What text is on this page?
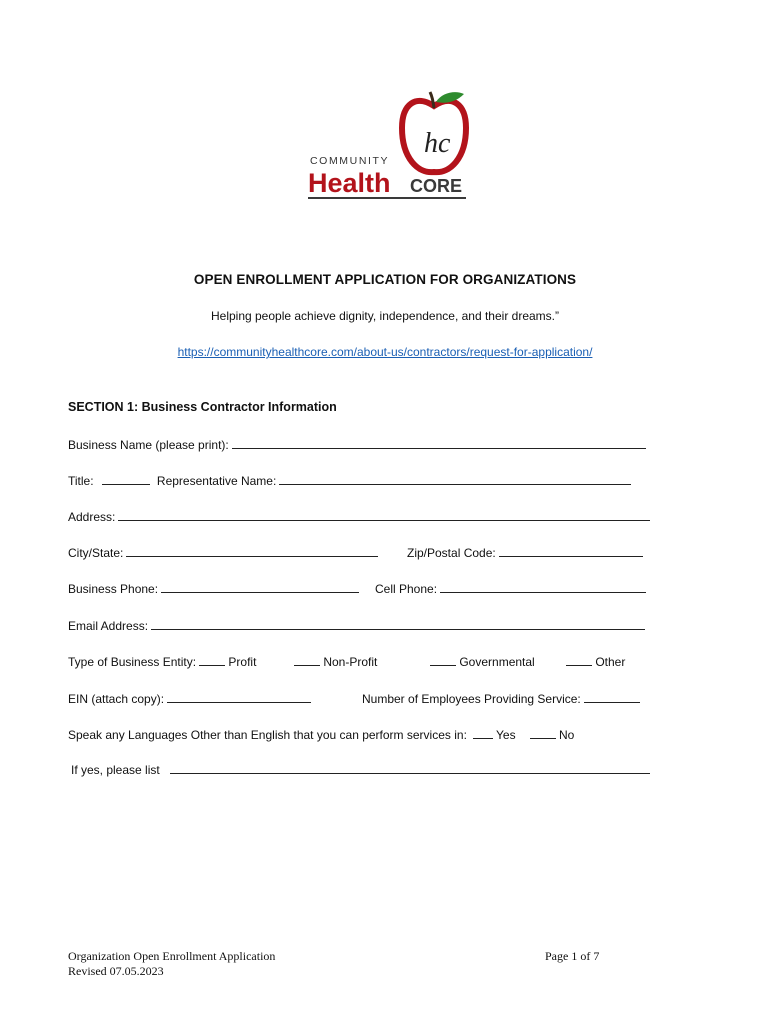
hc
COMMUNITY
Health CORE
OPEN ENROLLMENT APPLICATION FOR ORGANIZATIONS
Helping people achieve dignity, independence, and their dreams.”
https://communityhealthcore.com/about-us/contractors/request-for-application/
SECTION 1: Business Contractor Information
Business Name (please print):
Title:	Representative Name:
Address:
City/State:	Zip/Postal Code:
Business Phone:	Cell Phone:
Email Address:
Type of Business Entity:	Profit	Non-Profit	Governmental	Other
EIN (attach copy):	Number of Employees Providing Service:
Speak any Languages Other than English that you can perform services in: Yes	No
If yes, please list
Organization Open Enrollment Application
Revised 07.05.2023
Page 1 of 7
